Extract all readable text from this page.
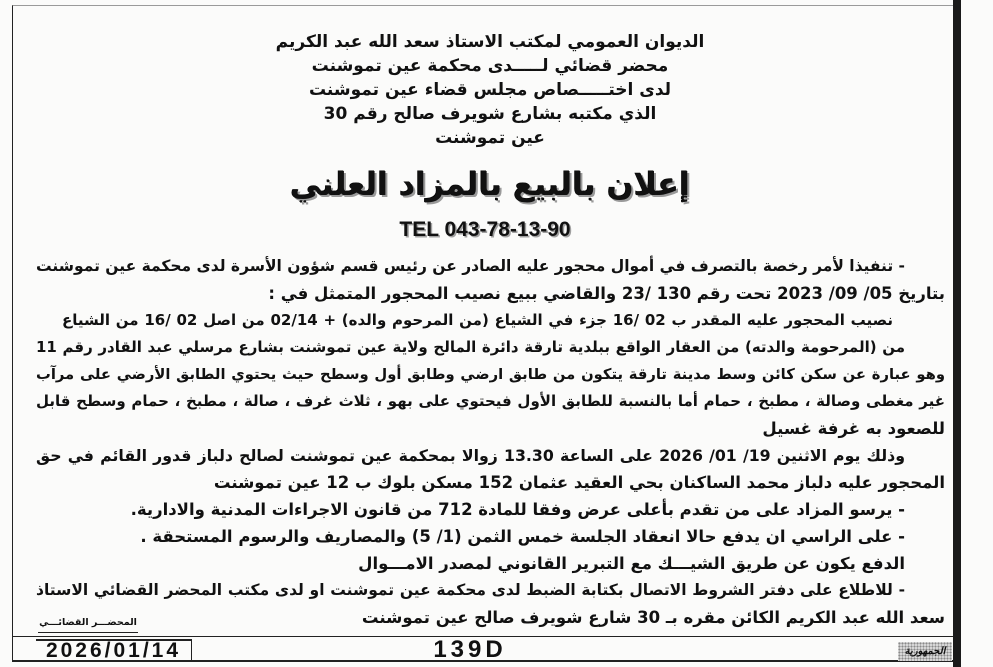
الديوان العمومي لمكتب الاستاذ سعد الله عبد الكريم
محضر قضائي لـــــدى محكمة عين تموشنت
لدى اختـــــصاص مجلس قضاء عين تموشنت
الذي مكتبه بشارع شويرف صالح رقم 30
عين تموشنت
إعلان بالبيع بالمزاد العلني
TEL 043-78-13-90
- تنفيذا لأمر رخصة بالتصرف في أموال محجور عليه الصادر عن رئيس قسم شؤون الأسرة لدى محكمة عين تموشنت
بتاريخ 05/ 09/ 2023 تحت رقم 130 /23 والقاضي ببيع نصيب المحجور المتمثل في :
نصيب المحجور عليه المقدر ب 02 /16 جزء في الشياع (من المرحوم والده) + 02/14 من اصل 02 /16 من الشياع
من (المرحومة والدته) من العقار الواقع ببلدية تارقة دائرة المالح ولاية عين تموشنت بشارع مرسلي عبد القادر رقم 11
وهو عبارة عن سكن كائن وسط مدينة تارقة يتكون من طابق ارضي وطابق أول وسطح حيث يحتوي الطابق الأرضي على مرآب
غير مغطى وصالة ، مطبخ ، حمام أما بالنسبة للطابق الأول فيحتوي على بهو ، ثلاث غرف ، صالة ، مطبخ ، حمام وسطح قابل
للصعود به غرفة غسيل
وذلك يوم الاثنين 19/ 01/ 2026 على الساعة 13.30 زوالا بمحكمة عين تموشنت لصالح دلباز قدور القائم في حق
المحجور عليه دلباز محمد الساكنان بحي العقيد عثمان 152 مسكن بلوك ب 12 عين تموشنت
- يرسو المزاد على من تقدم بأعلى عرض وفقا للمادة 712 من قانون الاجراءات المدنية والادارية.
- على الراسي ان يدفع حالا انعقاد الجلسة خمس الثمن (1/ 5) والمصاريف والرسوم المستحقة .
الدفع يكون عن طريق الشيـــك مع التبرير القانوني لمصدر الامـــوال
- للاطلاع على دفتر الشروط الاتصال بكتابة الضبط لدى محكمة عين تموشنت او لدى مكتب المحضر القضائي الاستاذ
سعد الله عبد الكريم الكائن مقره بـ 30 شارع شويرف صالح عين تموشنت
المحضـــر القضائـــي
2026/01/14	139D	الجمهورية
